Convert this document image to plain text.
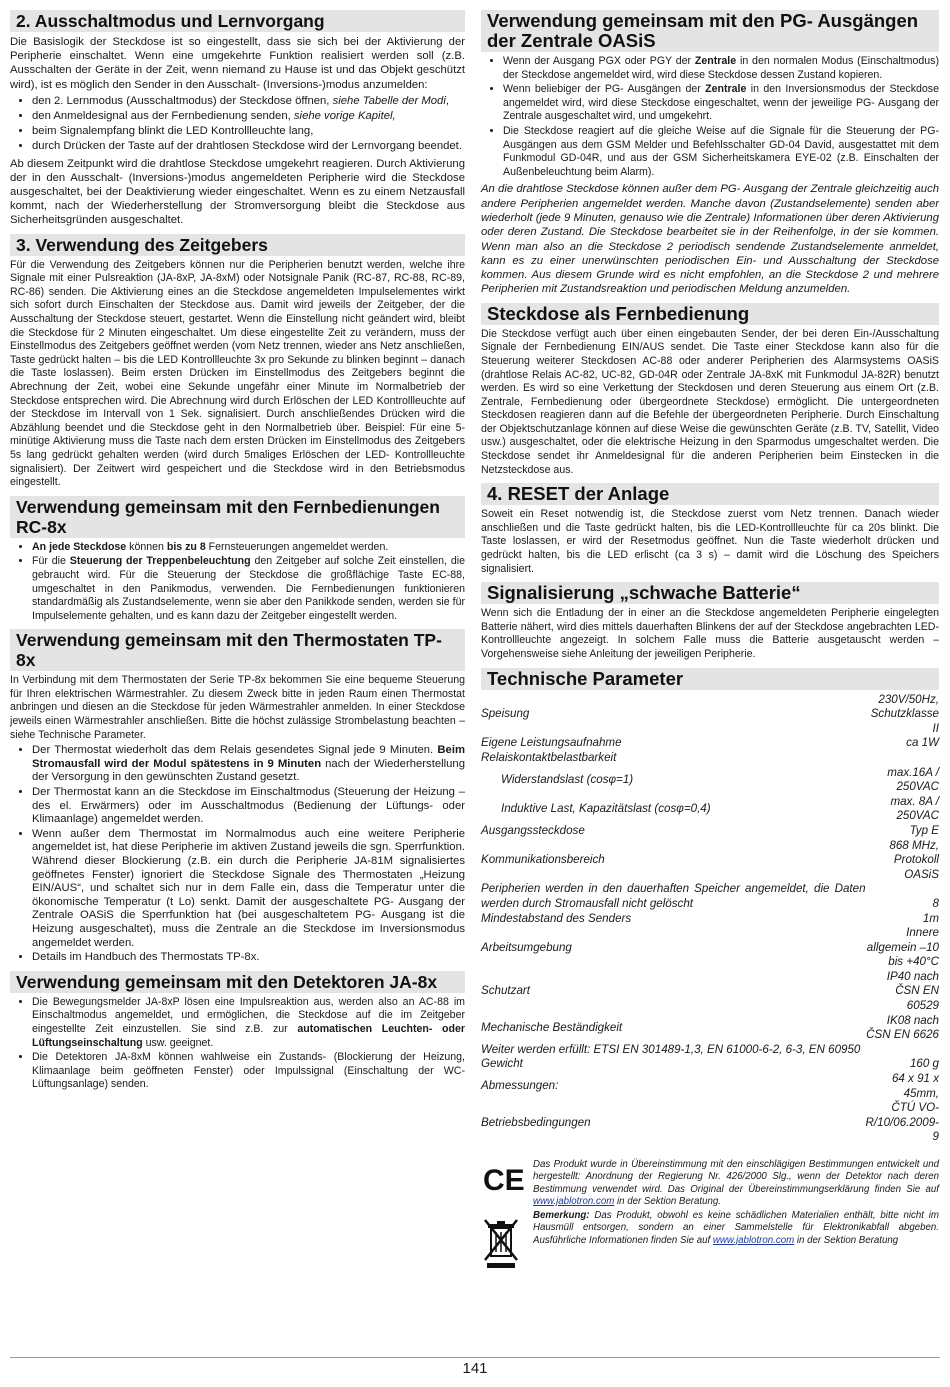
2. Ausschaltmodus und Lernvorgang

Die Basislogik der Steckdose ist so eingestellt, dass sie sich bei der Aktivierung der Peripherie einschaltet. Wenn eine umgekehrte Funktion realisiert werden soll (z.B. Ausschalten der Geräte in der Zeit, wenn niemand zu Hause ist und das Objekt geschützt wird), ist es möglich den Sender in den Ausschalt- (Inversions-)modus anzumelden:

• den 2. Lernmodus (Ausschaltmodus) der Steckdose öffnen, siehe Tabelle der Modi,
• den Anmeldesignal aus der Fernbedienung senden, siehe vorige Kapitel,
• beim Signalempfang blinkt die LED Kontrollleuchte lang,
• durch Drücken der Taste auf der drahtlosen Steckdose wird der Lernvorgang beendet.

Ab diesem Zeitpunkt wird die drahtlose Steckdose umgekehrt reagieren. Durch Aktivierung der in den Ausschalt- (Inversions-)modus angemeldeten Peripherie wird die Steckdose ausgeschaltet, bei der Deaktivierung wieder eingeschaltet. Wenn es zu einem Netzausfall kommt, nach der Wiederherstellung der Stromversorgung bleibt die Steckdose aus Sicherheitsgründen ausgeschaltet.

3. Verwendung des Zeitgebers

Für die Verwendung des Zeitgebers können nur die Peripherien benutzt werden, welche ihre Signale mit einer Pulsreaktion (JA-8xP, JA-8xM) oder Notsignale Panik (RC-87, RC-88, RC-89, RC-86) senden. Die Aktivierung eines an die Steckdose angemeldeten Impulselementes wirkt sich sofort durch Einschalten der Steckdose aus. Damit wird jeweils der Zeitgeber, der die Ausschaltung der Steckdose steuert, gestartet. Wenn die Einstellung nicht geändert wird, bleibt die Steckdose für 2 Minuten eingeschaltet. Um diese eingestellte Zeit zu verändern, muss der Einstellmodus des Zeitgebers geöffnet werden (vom Netz trennen, wieder ans Netz anschließen, Taste gedrückt halten – bis die LED Kontrollleuchte 3x pro Sekunde zu blinken beginnt – danach die Taste loslassen). Beim ersten Drücken im Einstellmodus des Zeitgebers beginnt die Abrechnung der Zeit, wobei eine Sekunde ungefähr einer Minute im Normalbetrieb der Steckdose entsprechen wird. Die Abrechnung wird durch Erlöschen der LED Kontrollleuchte auf der Steckdose im Intervall von 1 Sek. signalisiert. Durch anschließendes Drücken wird die Abzählung beendet und die Steckdose geht in den Normalbetrieb über. Beispiel: Für eine 5-minütige Aktivierung muss die Taste nach dem ersten Drücken im Einstellmodus des Zeitgebers 5s lang gedrückt gehalten werden (wird durch 5maliges Erlöschen der LED- Kontrollleuchte signalisiert). Der Zeitwert wird gespeichert und die Steckdose wird in den Betriebsmodus eingestellt.

Verwendung gemeinsam mit den Fernbedienungen RC-8x
• An jede Steckdose können bis zu 8 Fernsteuerungen angemeldet werden.
• Für die Steuerung der Treppenbeleuchtung den Zeitgeber auf solche Zeit einstellen, die gebraucht wird. Für die Steuerung der Steckdose die großflächige Taste EC-88, umgeschaltet in den Panikmodus, verwenden. Die Fernbedienungen funktionieren standardmäßig als Zustandselemente, wenn sie aber den Panikkode senden, werden sie für Impulselemente gehalten, und es kann dazu der Zeitgeber eingestellt werden.
Verwendung gemeinsam mit den Thermostaten TP-8x

In Verbindung mit dem Thermostaten der Serie TP-8x bekommen Sie eine bequeme Steuerung für Ihren elektrischen Wärmestrahler. Zu diesem Zweck bitte in jeden Raum einen Thermostat anbringen und diesen an die Steckdose für jeden Wärmestrahler anmelden. In einer Steckdose jeweils einen Wärmestrahler anschließen. Bitte die höchst zulässige Strombelastung beachten – siehe Technische Parameter.

• Der Thermostat wiederholt das dem Relais gesendetes Signal jede 9 Minuten. Beim Stromausfall wird der Modul spätestens in 9 Minuten nach der Wiederherstellung der Versorgung in den gewünschten Zustand gesetzt.
• Der Thermostat kann an die Steckdose im Einschaltmodus (Steuerung der Heizung – des el. Erwärmers) oder im Ausschaltmodus (Bedienung der Lüftungs- oder Klimaanlage) angemeldet werden.
• Wenn außer dem Thermostat im Normalmodus auch eine weitere Peripherie angemeldet ist, hat diese Peripherie im aktiven Zustand jeweils die sgn. Sperrfunktion. Während dieser Blockierung (z.B. ein durch die Peripherie JA-81M signalisiertes geöffnetes Fenster) ignoriert die Steckdose Signale des Thermostaten „Heizung EIN/AUS“, und schaltet sich nur in dem Falle ein, dass die Temperatur unter die ökonomische Temperatur (t Lo) senkt. Damit der ausgeschaltete PG- Ausgang der Zentrale OASiS die Sperrfunktion hat (bei ausgeschaltetem PG- Ausgang ist die Heizung ausgeschaltet), muss die Zentrale an die Steckdose im Inversionsmodus angemeldet werden.
• Details im Handbuch des Thermostats TP-8x.
Verwendung gemeinsam mit den Detektoren JA-8x
• Die Bewegungsmelder JA-8xP lösen eine Impulsreaktion aus, werden also an AC-88 im Einschaltmodus angemeldet, und ermöglichen, die Steckdose auf die im Zeitgeber eingestellte Zeit einzustellen. Sie sind z.B. zur automatischen Leuchten- oder Lüftungseinschaltung usw. geeignet.
• Die Detektoren JA-8xM können wahlweise ein Zustands- (Blockierung der Heizung, Klimaanlage beim geöffneten Fenster) oder Impulssignal (Einschaltung der WC- Lüftungsanlage) senden.
Verwendung gemeinsam mit den PG- Ausgängen der Zentrale OASiS
• Wenn der Ausgang PGX oder PGY der Zentrale in den normalen Modus (Einschaltmodus) der Steckdose angemeldet wird, wird diese Steckdose dessen Zustand kopieren.
• Wenn beliebiger der PG- Ausgängen der Zentrale in den Inversionsmodus der Steckdose angemeldet wird, wird diese Steckdose eingeschaltet, wenn der jeweilige PG- Ausgang der Zentrale ausgeschaltet wird, und umgekehrt.
• Die Steckdose reagiert auf die gleiche Weise auf die Signale für die Steuerung der PG- Ausgängen aus dem GSM Melder und Befehlsschalter GD-04 David, ausgestattet mit dem Funkmodul GD-04R, und aus der GSM Sicherheitskamera EYE-02 (z.B. Einschalten der Außenbeleuchtung beim Alarm).

An die drahtlose Steckdose können außer dem PG- Ausgang der Zentrale gleichzeitig auch andere Peripherien angemeldet werden. Manche davon (Zustandselemente) senden aber wiederholt (jede 9 Minuten, genauso wie die Zentrale) Informationen über deren Aktivierung oder deren Zustand. Die Steckdose bearbeitet sie in der Reihenfolge, in der sie kommen. Wenn man also an die Steckdose 2 periodisch sendende Zustandselemente anmeldet, kann es zu einer unerwünschten periodischen Ein- und Ausschaltung der Steckdose kommen. Aus diesem Grunde wird es nicht empfohlen, an die Steckdose 2 und mehrere Peripherien mit Zustandsreaktion und periodischen Meldung anzumelden.

Steckdose als Fernbedienung

Die Steckdose verfügt auch über einen eingebauten Sender, der bei deren Ein-/Ausschaltung Signale der Fernbedienung EIN/AUS sendet. Die Taste einer Steckdose kann also für die Steuerung weiterer Steckdosen AC-88 oder anderer Peripherien des Alarmsystems OASiS (drahtlose Relais AC-82, UC-82, GD-04R oder Zentrale JA-8xK mit Funkmodul JA-82R) benutzt werden. Es wird so eine Verkettung der Steckdosen und deren Steuerung aus einem Ort (z.B. Zentrale, Fernbedienung oder übergeordnete Steckdose) ermöglicht. Die untergeordneten Steckdosen reagieren dann auf die Befehle der übergeordneten Peripherie. Durch Einschaltung der Objektschutzanlage können auf diese Weise die gewünschten Geräte (z.B. TV, Satellit, Video usw.) ausgeschaltet, oder die elektrische Heizung in den Sparmodus umgeschaltet werden. Die Steckdose sendet ihr Anmeldesignal für die anderen Peripherien beim Einstecken in die Netzsteckdose aus.

4. RESET der Anlage

Soweit ein Reset notwendig ist, die Steckdose zuerst vom Netz trennen. Danach wieder anschließen und die Taste gedrückt halten, bis die LED-Kontrollleuchte für ca 20s blinkt. Die Taste loslassen, er wird der Resetmodus geöffnet. Nun die Taste wiederholt drücken und gedrückt halten, bis die LED erlischt (ca 3 s) – damit wird die Löschung des Speichers signalisiert.

Signalisierung „schwache Batterie“

Wenn sich die Entladung der in einer an die Steckdose angemeldeten Peripherie eingelegten Batterie nähert, wird dies mittels dauerhaften Blinkens der auf der Steckdose angebrachten LED- Kontrollleuchte angezeigt. In solchem Falle muss die Batterie ausgetauscht werden – Vorgehensweise siehe Anleitung der jeweiligen Peripherie.

Technische Parameter
Speisung	230V/50Hz, Schutzklasse II
Eigene Leistungsaufnahme	ca 1W
Relaiskontaktbelastbarkeit	
Widerstandslast (cosφ=1)	max.16A / 250VAC
Induktive Last, Kapazitätslast (cosφ=0,4)	max. 8A / 250VAC
Ausgangssteckdose	Typ E
Kommunikationsbereich	868 MHz, Protokoll OASiS
Peripherien werden in den dauerhaften Speicher angemeldet, die Daten werden durch Stromausfall nicht gelöscht	8
Mindestabstand des Senders	1m
Arbeitsumgebung	Innere allgemein –10 bis +40°C
Schutzart	IP40 nach ČSN EN 60529
Mechanische Beständigkeit	IK08 nach ČSN EN 6626
Weiter werden erfüllt: ETSI EN 301489-1,3, EN 61000-6-2, 6-3, EN 60950	
Gewicht	160 g
Abmessungen:	64 x 91 x 45mm,
Betriebsbedingungen	ČTÚ VO-R/10/06.2009-9
CE
Das Produkt wurde in Übereinstimmung mit den einschlägigen Bestimmungen entwickelt und hergestellt: Anordnung der Regierung Nr. 426/2000 Slg., wenn der Detektor nach deren Bestimmung verwendet wird. Das Original der Übereinstimmungserklärung finden Sie auf www.jablotron.com in der Sektion Beratung.
Bemerkung: Das Produkt, obwohl es keine schädlichen Materialien enthält, bitte nicht im Hausmüll entsorgen, sondern an einer Sammelstelle für Elektronikabfall abgeben. Ausführliche Informationen finden Sie auf www.jablotron.com in der Sektion Beratung
141
